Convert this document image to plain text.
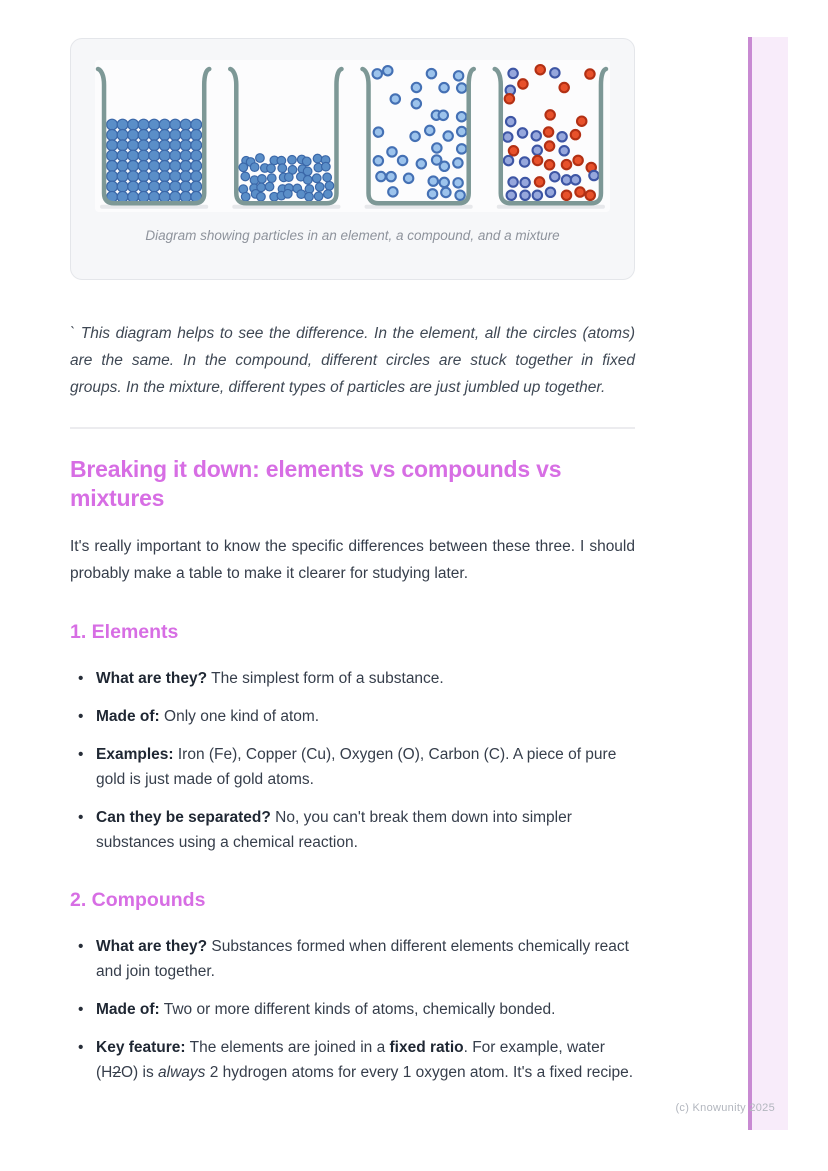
Diagram showing particles in an element, a compound, and a mixture

` This diagram helps to see the difference. In the element, all the circles (atoms) are the same. In the compound, different circles are stuck together in fixed groups. In the mixture, different types of particles are just jumbled up together.

Breaking it down: elements vs compounds vs mixtures

It's really important to know the specific differences between these three. I should probably make a table to make it clearer for studying later.

1. Elements
• What are they? The simplest form of a substance.
• Made of: Only one kind of atom.
• Examples: Iron (Fe), Copper (Cu), Oxygen (O), Carbon (C). A piece of pure gold is just made of gold atoms.
• Can they be separated? No, you can't break them down into simpler substances using a chemical reaction.
2. Compounds
• What are they? Substances formed when different elements chemically react and join together.
• Made of: Two or more different kinds of atoms, chemically bonded.
• Key feature: The elements are joined in a fixed ratio. For example, water (H2O) is always 2 hydrogen atoms for every 1 oxygen atom. It's a fixed recipe.
(c) Knowunity 2025
